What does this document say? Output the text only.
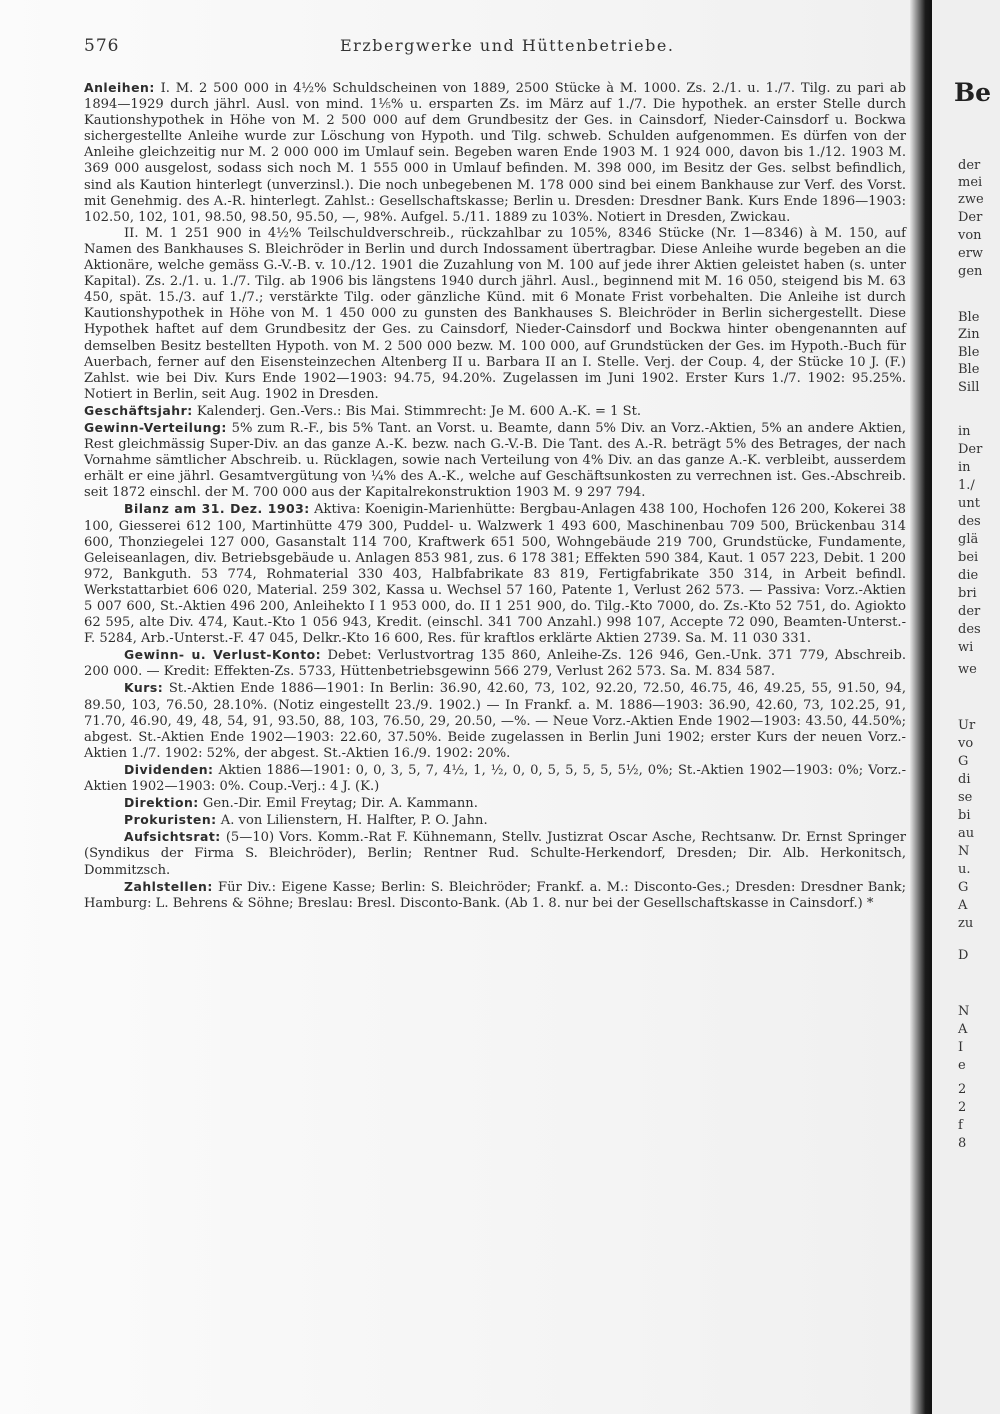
576	Erzbergwerke und Hüttenbetriebe.

Anleihen: I. M. 2 500 000 in 4½% Schuldscheinen von 1889, 2500 Stücke à M. 1000. Zs. 2./1. u. 1./7. Tilg. zu pari ab 1894—1929 durch jährl. Ausl. von mind. 1⅕% u. ersparten Zs. im März auf 1./7. Die hypothek. an erster Stelle durch Kautionshypothek in Höhe von M. 2 500 000 auf dem Grundbesitz der Ges. in Cainsdorf, Nieder-Cainsdorf u. Bockwa sichergestellte Anleihe wurde zur Löschung von Hypoth. und Tilg. schweb. Schulden aufgenommen. Es dürfen von der Anleihe gleichzeitig nur M. 2 000 000 im Umlauf sein. Begeben waren Ende 1903 M. 1 924 000, davon bis 1./12. 1903 M. 369 000 ausgelost, sodass sich noch M. 1 555 000 in Umlauf befinden. M. 398 000, im Besitz der Ges. selbst befindlich, sind als Kaution hinterlegt (unverzinsl.). Die noch unbegebenen M. 178 000 sind bei einem Bankhause zur Verf. des Vorst. mit Genehmig. des A.-R. hinterlegt. Zahlst.: Gesellschaftskasse; Berlin u. Dresden: Dresdner Bank. Kurs Ende 1896—1903: 102.50, 102, 101, 98.50, 98.50, 95.50, —, 98%. Aufgel. 5./11. 1889 zu 103%. Notiert in Dresden, Zwickau.

II. M. 1 251 900 in 4½% Teilschuldverschreib., rückzahlbar zu 105%, 8346 Stücke (Nr. 1—8346) à M. 150, auf Namen des Bankhauses S. Bleichröder in Berlin und durch Indossament übertragbar. Diese Anleihe wurde begeben an die Aktionäre, welche gemäss G.-V.-B. v. 10./12. 1901 die Zuzahlung von M. 100 auf jede ihrer Aktien geleistet haben (s. unter Kapital). Zs. 2./1. u. 1./7. Tilg. ab 1906 bis längstens 1940 durch jährl. Ausl., beginnend mit M. 16 050, steigend bis M. 63 450, spät. 15./3. auf 1./7.; verstärkte Tilg. oder gänzliche Künd. mit 6 Monate Frist vorbehalten. Die Anleihe ist durch Kautionshypothek in Höhe von M. 1 450 000 zu gunsten des Bankhauses S. Bleichröder in Berlin sichergestellt. Diese Hypothek haftet auf dem Grundbesitz der Ges. zu Cainsdorf, Nieder-Cainsdorf und Bockwa hinter obengenannten auf demselben Besitz bestellten Hypoth. von M. 2 500 000 bezw. M. 100 000, auf Grundstücken der Ges. im Hypoth.-Buch für Auerbach, ferner auf den Eisensteinzechen Altenberg II u. Barbara II an I. Stelle. Verj. der Coup. 4, der Stücke 10 J. (F.) Zahlst. wie bei Div. Kurs Ende 1902—1903: 94.75, 94.20%. Zugelassen im Juni 1902. Erster Kurs 1./7. 1902: 95.25%. Notiert in Berlin, seit Aug. 1902 in Dresden.

Geschäftsjahr: Kalenderj. Gen.-Vers.: Bis Mai. Stimmrecht: Je M. 600 A.-K. = 1 St.

Gewinn-Verteilung: 5% zum R.-F., bis 5% Tant. an Vorst. u. Beamte, dann 5% Div. an Vorz.-Aktien, 5% an andere Aktien, Rest gleichmässig Super-Div. an das ganze A.-K. bezw. nach G.-V.-B. Die Tant. des A.-R. beträgt 5% des Betrages, der nach Vornahme sämtlicher Abschreib. u. Rücklagen, sowie nach Verteilung von 4% Div. an das ganze A.-K. verbleibt, ausserdem erhält er eine jährl. Gesamtvergütung von ¼% des A.-K., welche auf Geschäftsunkosten zu verrechnen ist. Ges.-Abschreib. seit 1872 einschl. der M. 700 000 aus der Kapitalrekonstruktion 1903 M. 9 297 794.

Bilanz am 31. Dez. 1903: Aktiva: Koenigin-Marienhütte: Bergbau-Anlagen 438 100, Hochofen 126 200, Kokerei 38 100, Giesserei 612 100, Martinhütte 479 300, Puddel- u. Walzwerk 1 493 600, Maschinenbau 709 500, Brückenbau 314 600, Thonziegelei 127 000, Gasanstalt 114 700, Kraftwerk 651 500, Wohngebäude 219 700, Grundstücke, Fundamente, Geleiseanlagen, div. Betriebsgebäude u. Anlagen 853 981, zus. 6 178 381; Effekten 590 384, Kaut. 1 057 223, Debit. 1 200 972, Bankguth. 53 774, Rohmaterial 330 403, Halbfabrikate 83 819, Fertigfabrikate 350 314, in Arbeit befindl. Werkstattarbiet 606 020, Material. 259 302, Kassa u. Wechsel 57 160, Patente 1, Verlust 262 573. — Passiva: Vorz.-Aktien 5 007 600, St.-Aktien 496 200, Anleihekto I 1 953 000, do. II 1 251 900, do. Tilg.-Kto 7000, do. Zs.-Kto 52 751, do. Agiokto 62 595, alte Div. 474, Kaut.-Kto 1 056 943, Kredit. (einschl. 341 700 Anzahl.) 998 107, Accepte 72 090, Beamten-Unterst.-F. 5284, Arb.-Unterst.-F. 47 045, Delkr.-Kto 16 600, Res. für kraftlos erklärte Aktien 2739. Sa. M. 11 030 331.

Gewinn- u. Verlust-Konto: Debet: Verlustvortrag 135 860, Anleihe-Zs. 126 946, Gen.-Unk. 371 779, Abschreib. 200 000. — Kredit: Effekten-Zs. 5733, Hüttenbetriebsgewinn 566 279, Verlust 262 573. Sa. M. 834 587.

Kurs: St.-Aktien Ende 1886—1901: In Berlin: 36.90, 42.60, 73, 102, 92.20, 72.50, 46.75, 46, 49.25, 55, 91.50, 94, 89.50, 103, 76.50, 28.10%. (Notiz eingestellt 23./9. 1902.) — In Frankf. a. M. 1886—1903: 36.90, 42.60, 73, 102.25, 91, 71.70, 46.90, 49, 48, 54, 91, 93.50, 88, 103, 76.50, 29, 20.50, —%. — Neue Vorz.-Aktien Ende 1902—1903: 43.50, 44.50%; abgest. St.-Aktien Ende 1902—1903: 22.60, 37.50%. Beide zugelassen in Berlin Juni 1902; erster Kurs der neuen Vorz.-Aktien 1./7. 1902: 52%, der abgest. St.-Aktien 16./9. 1902: 20%.

Dividenden: Aktien 1886—1901: 0, 0, 3, 5, 7, 4½, 1, ½, 0, 0, 5, 5, 5, 5, 5½, 0%; St.-Aktien 1902—1903: 0%; Vorz.-Aktien 1902—1903: 0%. Coup.-Verj.: 4 J. (K.)

Direktion: Gen.-Dir. Emil Freytag; Dir. A. Kammann.

Prokuristen: A. von Lilienstern, H. Halfter, P. O. Jahn.

Aufsichtsrat: (5—10) Vors. Komm.-Rat F. Kühnemann, Stellv. Justizrat Oscar Asche, Rechtsanw. Dr. Ernst Springer (Syndikus der Firma S. Bleichröder), Berlin; Rentner Rud. Schulte-Herkendorf, Dresden; Dir. Alb. Herkonitsch, Dommitzsch.

Zahlstellen: Für Div.: Eigene Kasse; Berlin: S. Bleichröder; Frankf. a. M.: Disconto-Ges.; Dresden: Dresdner Bank; Hamburg: L. Behrens & Söhne; Breslau: Bresl. Disconto-Bank. (Ab 1. 8. nur bei der Gesellschaftskasse in Cainsdorf.) *

Be
der
mei
zwe
Der
von
erw
gen
Ble
Zin
Ble
Ble
Sill
in
Der
in
1./
unt
des
glä
bei
die
bri
der
des
wi
we
Ur
vo
G
di
se
bi
au
N
u.
G
A
zu
D
N
A
I
e
2
2
f
8
